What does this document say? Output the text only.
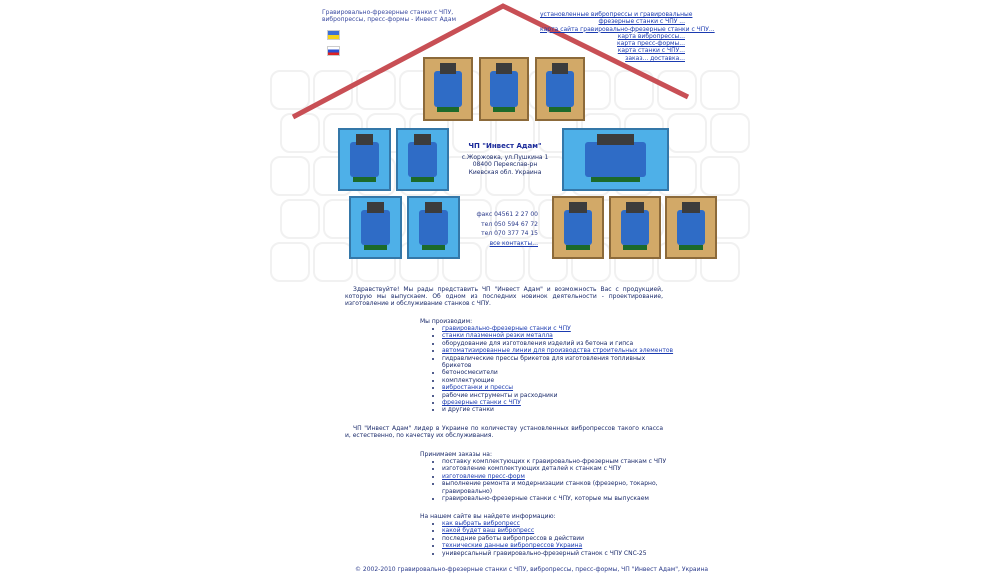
Гравировально-фрезерные станки с ЧПУ, вибропрессы, пресс-формы - Инвест Адам
установленные вибропрессы и гравировальные
фрезерные станки с ЧПУ ...
карта сайта гравировально-фрезерные станки с ЧПУ...
карта вибропрессы...
карта пресс-формы...
карта станки с ЧПУ...
заказ... доставка...
ЧП "Инвест Адам"
с.Жоржовка, ул.Пушкина 1
08400 Переяслав-рн
Киевская обл. Украина
факс 04561 2 27 00
тел 050 594 67 72
тел 070 377 74 15
все контакты...
Здравствуйте! Мы рады представить ЧП "Инвест Адам" и возможность Вас с продукцией, которую мы выпускаем. Об одном из последних новинок деятельности - проектирование, изготовление и обслуживание станков с ЧПУ.
Мы производим:
• гравировально-фрезерные станки с ЧПУ
• станки плазменной резки металла
• оборудование для изготовления изделий из бетона и гипса
• автоматизированные линии для производства строительных элементов
• гидравлические прессы брикетов для изготовления топливных брикетов
• бетоносмесители
• комплектующие
• вибростанки и прессы
• рабочие инструменты и расходники
• фрезерные станки с ЧПУ
• и другие станки
ЧП "Инвест Адам" лидер в Украине по количеству установленных вибропрессов такого класса и, естественно, по качеству их обслуживания.
Принимаем заказы на:
• поставку комплектующих к гравировально-фрезерным станкам с ЧПУ
• изготовление комплектующих деталей к станкам с ЧПУ
• изготовление пресс-форм
• выполнение ремонта и модернизации станков (фрезерно, токарно, гравировально)
• гравировально-фрезерные станки с ЧПУ, которые мы выпускаем
На нашем сайте вы найдете информацию:
• как выбрать вибропресс
• какой будет ваш вибропресс
• последние работы вибропрессов в действии
• технические данные вибропрессов Украина
• универсальный гравировально-фрезерный станок с ЧПУ CNC-25
© 2002-2010 гравировально-фрезерные станки с ЧПУ, вибропрессы, пресс-формы, ЧП "Инвест Адам", Украина
